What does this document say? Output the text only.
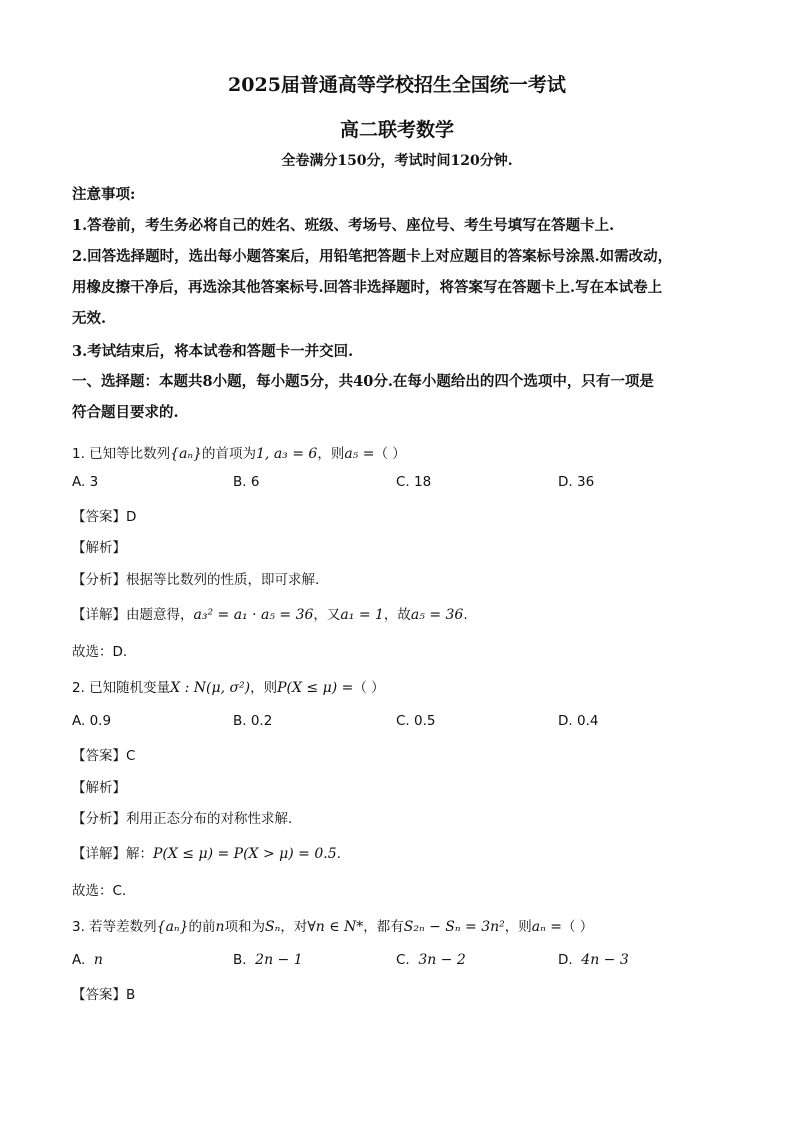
2025届普通高等学校招生全国统一考试
高二联考数学
全卷满分150分，考试时间120分钟.
注意事项:
1.答卷前，考生务必将自己的姓名、班级、考场号、座位号、考生号填写在答题卡上.
2.回答选择题时，选出每小题答案后，用铅笔把答题卡上对应题目的答案标号涂黑.如需改动，
用橡皮擦干净后，再选涂其他答案标号.回答非选择题时，将答案写在答题卡上.写在本试卷上
无效.
3.考试结束后，将本试卷和答题卡一并交回.
一、选择题：本题共8小题，每小题5分，共40分.在每小题给出的四个选项中，只有一项是
符合题目要求的.
1. 已知等比数列{aₙ}的首项为1, a₃ = 6，则a₅ =（ ）
A. 3	B. 6	C. 18	D. 36
【答案】D
【解析】
【分析】根据等比数列的性质，即可求解.
【详解】由题意得，a₃² = a₁ · a₅ = 36，又a₁ = 1，故a₅ = 36.
故选：D.
2. 已知随机变量X : N(μ, σ²)，则P(X ≤ μ) =（ ）
A. 0.9	B. 0.2	C. 0.5	D. 0.4
【答案】C
【解析】
【分析】利用正态分布的对称性求解.
【详解】解：P(X ≤ μ) = P(X > μ) = 0.5.
故选：C.
3. 若等差数列{aₙ}的前n项和为Sₙ，对∀n ∈ N*，都有S₂ₙ − Sₙ = 3n²，则aₙ =（ ）
A. n	B. 2n − 1	C. 3n − 2	D. 4n − 3
【答案】B
